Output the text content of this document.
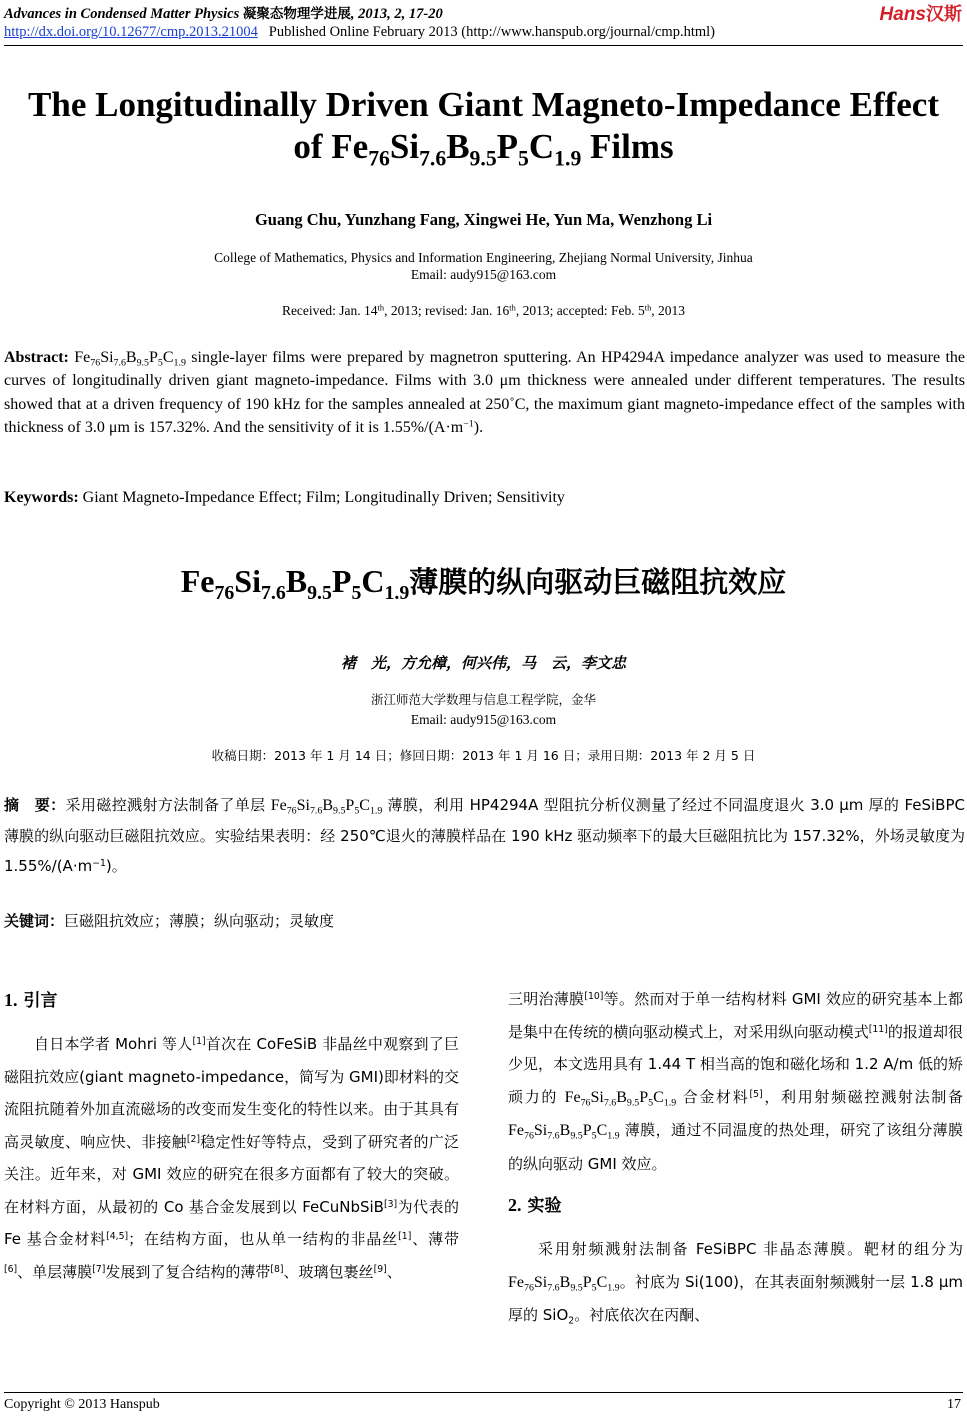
Advances in Condensed Matter Physics 凝聚态物理学进展, 2013, 2, 17-20	Hans汉斯
http://dx.doi.org/10.12677/cmp.2013.21004 Published Online February 2013 (http://www.hanspub.org/journal/cmp.html)
The Longitudinally Driven Giant Magneto-Impedance Effect
of $Fe_{76}Si_{7.6}B_{9.5}P_5C_{1.9}$ Films
Guang Chu, Yunzhang Fang, Xingwei He, Yun Ma, Wenzhong Li
College of Mathematics, Physics and Information Engineering, Zhejiang Normal University, Jinhua
Email: audy915@163.com
Received: Jan. 14th, 2013; revised: Jan. 16th, 2013; accepted: Feb. 5th, 2013
Abstract: $Fe_{76}Si_{7.6}B_{9.5}P_5C_{1.9}$ single-layer films were prepared by magnetron sputtering. An HP4294A impedance analyzer was used to measure the curves of longitudinally driven giant magneto-impedance. Films with 3.0 μm thickness were annealed under different temperatures. The results showed that at a driven frequency of 190 kHz for the samples annealed at 250˚C, the maximum giant magneto-impedance effect of the samples with thickness of 3.0 μm is 157.32%. And the sensitivity of it is $1.55\%/(A\cdot m^{-1})$.
Keywords: Giant Magneto-Impedance Effect; Film; Longitudinally Driven; Sensitivity
$Fe_{76}Si_{7.6}B_{9.5}P_5C_{1.9}$薄膜的纵向驱动巨磁阻抗效应
褚　光，方允樟，何兴伟，马　云，李文忠
浙江师范大学数理与信息工程学院，金华
Email: audy915@163.com
收稿日期：2013 年 1 月 14 日；修回日期：2013 年 1 月 16 日；录用日期：2013 年 2 月 5 日
摘　要：采用磁控溅射方法制备了单层 $Fe_{76}Si_{7.6}B_{9.5}P_5C_{1.9}$ 薄膜，利用 HP4294A 型阻抗分析仪测量了经过不同温度退火 3.0 μm 厚的 FeSiBPC 薄膜的纵向驱动巨磁阻抗效应。实验结果表明：经 250℃退火的薄膜样品在 190 kHz 驱动频率下的最大巨磁阻抗比为 157.32%，外场灵敏度为 $1.55\%/(A\cdot m^{-1})$。
关键词：巨磁阻抗效应；薄膜；纵向驱动；灵敏度
1. 引言

自日本学者 Mohri 等人[1]首次在 CoFeSiB 非晶丝中观察到了巨磁阻抗效应(giant magneto-impedance，简写为 GMI)即材料的交流阻抗随着外加直流磁场的改变而发生变化的特性以来。由于其具有高灵敏度、响应快、非接触[2]稳定性好等特点，受到了研究者的广泛关注。近年来，对 GMI 效应的研究在很多方面都有了较大的突破。在材料方面，从最初的 Co 基合金发展到以 FeCuNbSiB[3]为代表的 Fe 基合金材料[4,5]；在结构方面，也从单一结构的非晶丝[1]、薄带[6]、单层薄膜[7]发展到了复合结构的薄带[8]、玻璃包裹丝[9]、

三明治薄膜[10]等。然而对于单一结构材料 GMI 效应的研究基本上都是集中在传统的横向驱动模式上，对采用纵向驱动模式[11]的报道却很少见，本文选用具有 1.44 T 相当高的饱和磁化场和 1.2 A/m 低的矫顽力的 $Fe_{76}Si_{7.6}B_{9.5}P_5C_{1.9}$ 合金材料[5]，利用射频磁控溅射法制备 $Fe_{76}Si_{7.6}B_{9.5}P_5C_{1.9}$ 薄膜，通过不同温度的热处理，研究了该组分薄膜的纵向驱动 GMI 效应。

2. 实验

采用射频溅射法制备 FeSiBPC 非晶态薄膜。靶材的组分为 $Fe_{76}Si_{7.6}B_{9.5}P_5C_{1.9}$。衬底为 Si(100)，在其表面射频溅射一层 1.8 μm 厚的 SiO$_2$。衬底依次在丙酮、

Copyright © 2013 Hanspub	17
